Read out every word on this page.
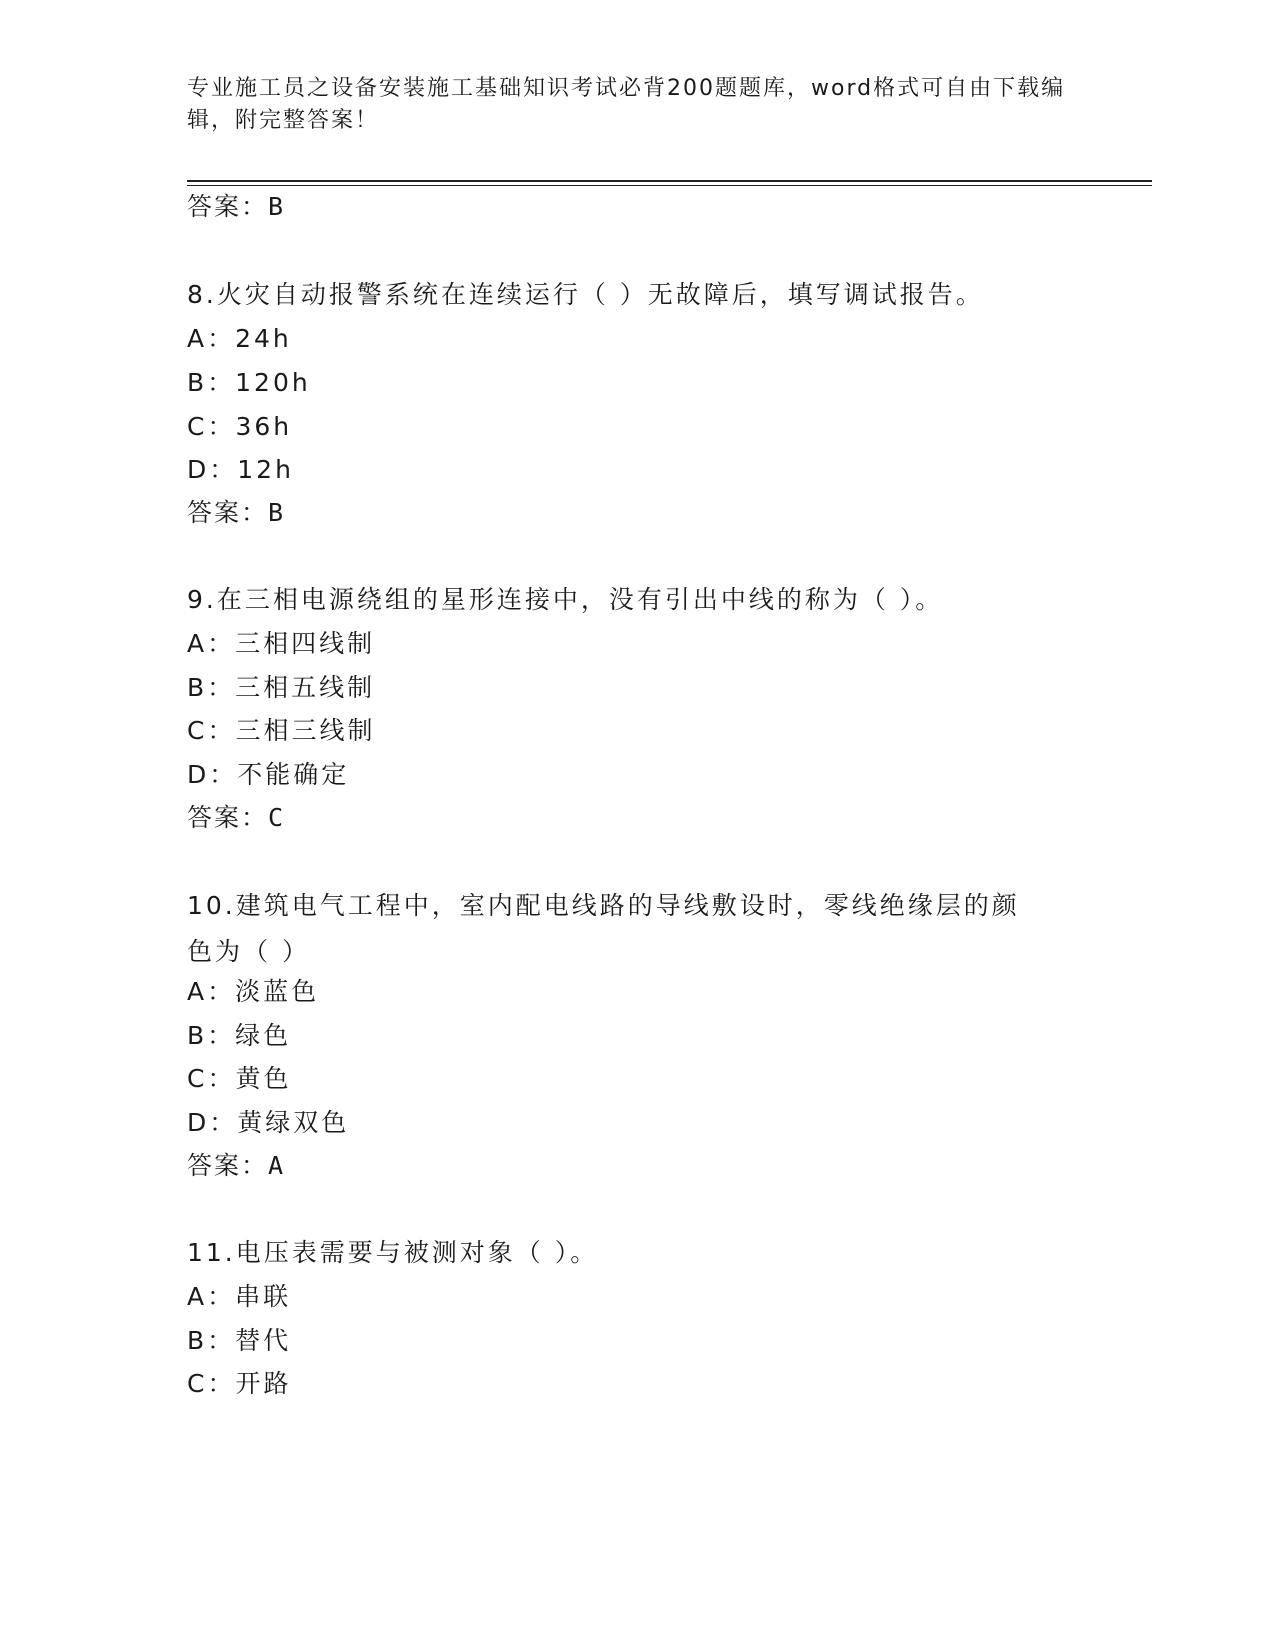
专业施工员之设备安装施工基础知识考试必背200题题库，word格式可自由下载编辑，附完整答案！
答案：B
8.火灾自动报警系统在连续运行（ ）无故障后，填写调试报告。
A：24h
B：120h
C：36h
D：12h
答案：B
9.在三相电源绕组的星形连接中，没有引出中线的称为（ ）。
A：三相四线制
B：三相五线制
C：三相三线制
D：不能确定
答案：C
10.建筑电气工程中，室内配电线路的导线敷设时，零线绝缘层的颜色为（ ）
A：淡蓝色
B：绿色
C：黄色
D：黄绿双色
答案：A
11.电压表需要与被测对象（ ）。
A：串联
B：替代
C：开路
